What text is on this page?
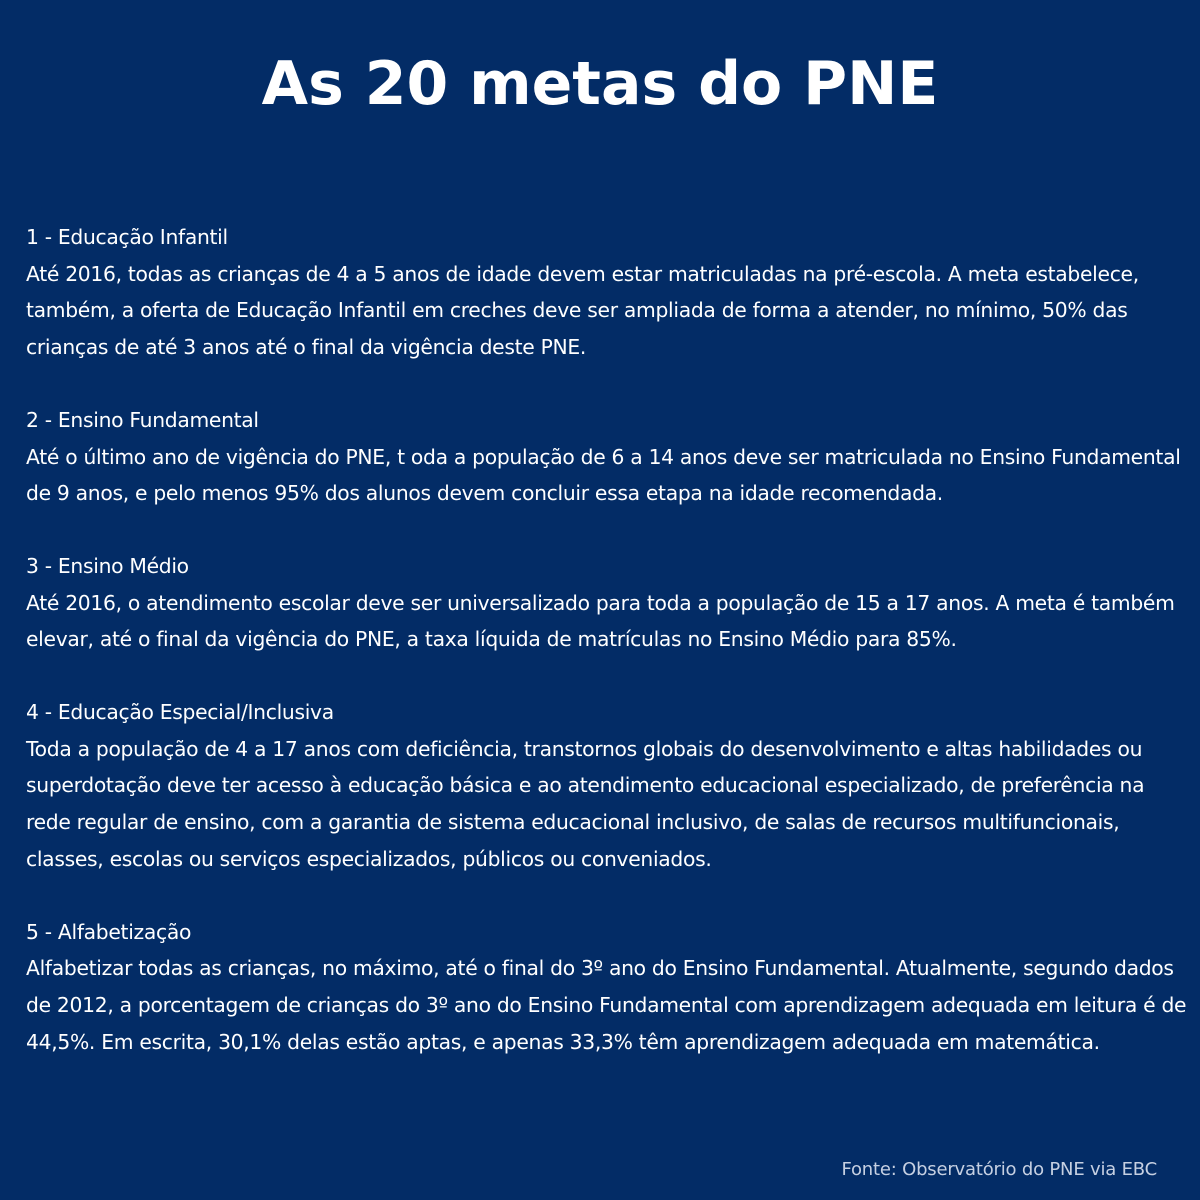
As 20 metas do PNE
1 - Educação Infantil
Até 2016, todas as crianças de 4 a 5 anos de idade devem estar matriculadas na pré-escola. A meta estabelece, também, a oferta de Educação Infantil em creches deve ser ampliada de forma a atender, no mínimo, 50% das crianças de até 3 anos até o final da vigência deste PNE.
2 - Ensino Fundamental
Até o último ano de vigência do PNE, t oda a população de 6 a 14 anos deve ser matriculada no Ensino Fundamental de 9 anos, e pelo menos 95% dos alunos devem concluir essa etapa na idade recomendada.
3 - Ensino Médio
Até 2016, o atendimento escolar deve ser universalizado para toda a população de 15 a 17 anos. A meta é também elevar, até o final da vigência do PNE, a taxa líquida de matrículas no Ensino Médio para 85%.
4 - Educação Especial/Inclusiva
Toda a população de 4 a 17 anos com deficiência, transtornos globais do desenvolvimento e altas habilidades ou superdotação deve ter acesso à educação básica e ao atendimento educacional especializado, de preferência na rede regular de ensino, com a garantia de sistema educacional inclusivo, de salas de recursos multifuncionais, classes, escolas ou serviços especializados, públicos ou conveniados.
5 - Alfabetização
Alfabetizar todas as crianças, no máximo, até o final do 3º ano do Ensino Fundamental. Atualmente, segundo dados de 2012, a porcentagem de crianças do 3º ano do Ensino Fundamental com aprendizagem adequada em leitura é de 44,5%. Em escrita, 30,1% delas estão aptas, e apenas 33,3% têm aprendizagem adequada em matemática.
Fonte: Observatório do PNE via EBC
